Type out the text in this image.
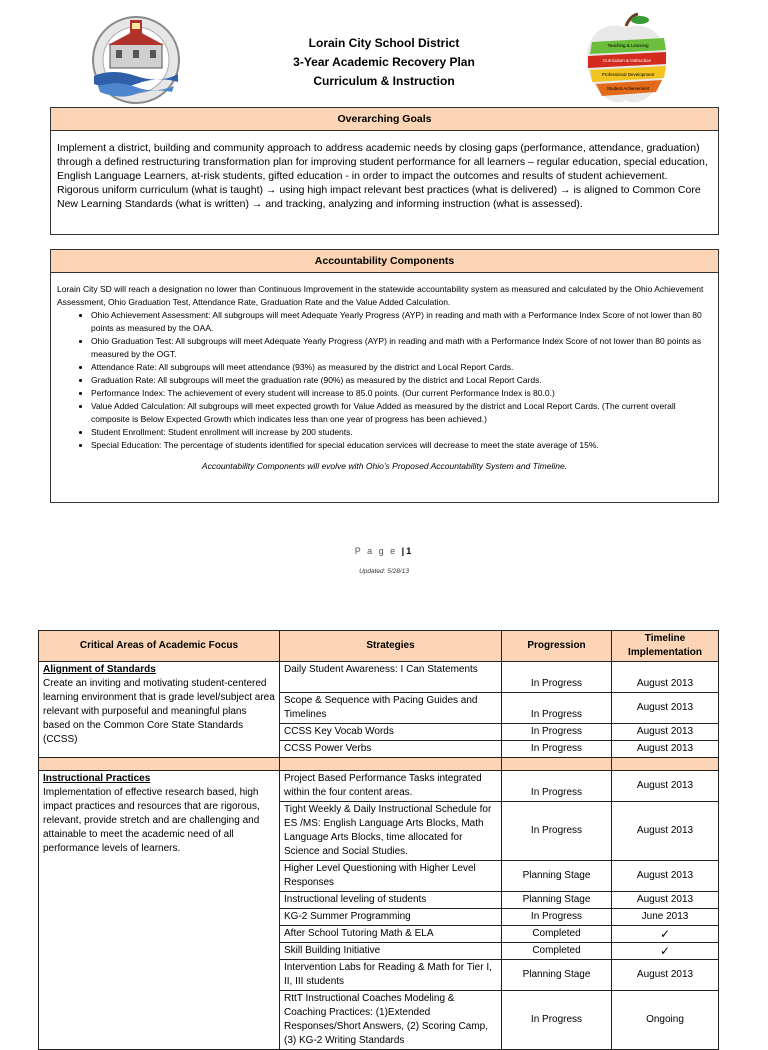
Lorain City School District
3-Year Academic Recovery Plan
Curriculum & Instruction
Teaching & Learning
Curriculum & Instruction
Professional Development
Student Achievement
Overarching Goals
Implement a district, building and community approach to address academic needs by closing gaps (performance, attendance, graduation) through a defined restructuring transformation plan for improving student performance for all learners – regular education, special education, English Language Learners, at-risk students, gifted education - in order to impact the outcomes and results of student achievement. Rigorous uniform curriculum (what is taught) → using high impact relevant best practices (what is delivered) → is aligned to Common Core New Learning Standards (what is written) → and tracking, analyzing and informing instruction (what is assessed).
Accountability Components
Lorain City SD will reach a designation no lower than Continuous Improvement in the statewide accountability system as measured and calculated by the Ohio Achievement Assessment, Ohio Graduation Test, Attendance Rate, Graduation Rate and the Value Added Calculation.
• Ohio Achievement Assessment: All subgroups will meet Adequate Yearly Progress (AYP) in reading and math with a Performance Index Score of not lower than 80 points as measured by the OAA.
• Ohio Graduation Test: All subgroups will meet Adequate Yearly Progress (AYP) in reading and math with a Performance Index Score of not lower than 80 points as measured by the OGT.
• Attendance Rate: All subgroups will meet attendance (93%) as measured by the district and Local Report Cards.
• Graduation Rate: All subgroups will meet the graduation rate (90%) as measured by the district and Local Report Cards.
• Performance Index: The achievement of every student will increase to 85.0 points. (Our current Performance Index is 80.0.)
• Value Added Calculation: All subgroups will meet expected growth for Value Added as measured by the district and Local Report Cards. (The current overall composite is Below Expected Growth which indicates less than one year of progress has been achieved.)
• Student Enrollment: Student enrollment will increase by 200 students.
• Special Education: The percentage of students identified for special education services will decrease to meet the state average of 15%.
Accountability Components will evolve with Ohio’s Proposed Accountability System and Timeline.
P a g e |1
Updated: 5/28/13
Critical Areas of Academic Focus	Strategies	Progression	Timeline Implementation

Alignment of Standards
Create an inviting and motivating student-centered learning environment that is grade level/subject area relevant with purposeful and meaningful plans based on the Common Core State Standards (CCSS)	Daily Student Awareness: I Can Statements	In Progress	August 2013
	Scope & Sequence with Pacing Guides and Timelines	In Progress	August 2013
	CCSS Key Vocab Words	In Progress	August 2013
	CCSS Power Verbs	In Progress	August 2013

Instructional Practices
Implementation of effective research based, high impact practices and resources that are rigorous, relevant, provide stretch and are challenging and attainable to meet the academic need of all performance levels of learners.	Project Based Performance Tasks integrated within the four content areas.	In Progress	August 2013
	Tight Weekly & Daily Instructional Schedule for ES /MS: English Language Arts Blocks, Math Language Arts Blocks, time allocated for Science and Social Studies.	In Progress	August 2013
	Higher Level Questioning with Higher Level Responses	Planning Stage	August 2013
	Instructional leveling of students	Planning Stage	August 2013
	KG-2 Summer Programming	In Progress	June 2013
	After School Tutoring Math & ELA	Completed	✓
	Skill Building Initiative	Completed	✓
	Intervention Labs for Reading & Math for Tier I, II, III students	Planning Stage	August 2013
	RttT Instructional Coaches Modeling & Coaching Practices: (1)Extended Responses/Short Answers, (2) Scoring Camp, (3) KG-2 Writing Standards	In Progress	Ongoing
